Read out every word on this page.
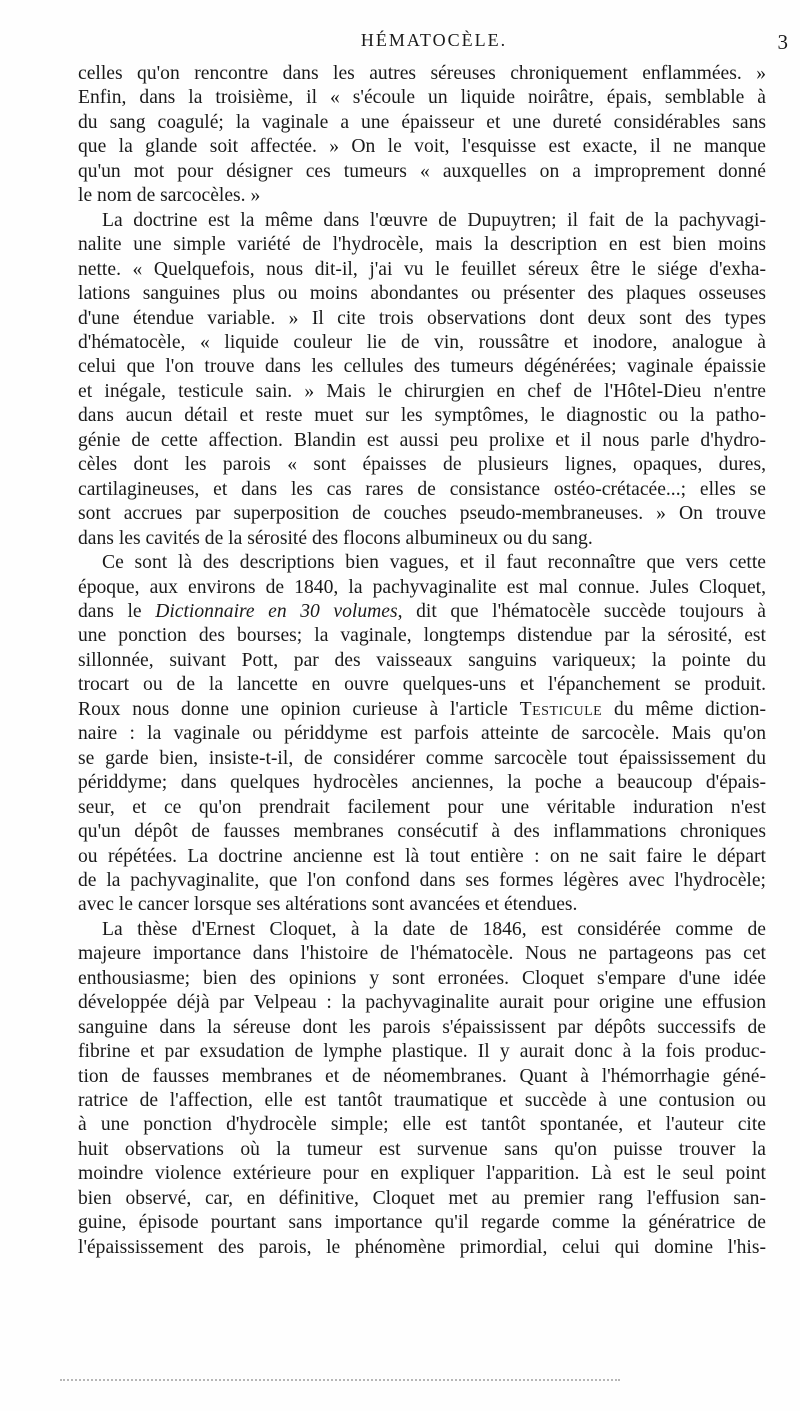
HÉMATOCÈLE.	3

celles qu'on rencontre dans les autres séreuses chroniquement enflammées. »
Enfin, dans la troisième, il « s'écoule un liquide noirâtre, épais, semblable à
du sang coagulé; la vaginale a une épaisseur et une dureté considérables sans
que la glande soit affectée. » On le voit, l'esquisse est exacte, il ne manque
qu'un mot pour désigner ces tumeurs « auxquelles on a improprement donné
le nom de sarcocèles. »

La doctrine est la même dans l'œuvre de Dupuytren; il fait de la pachyvagi-
nalite une simple variété de l'hydrocèle, mais la description en est bien moins
nette. « Quelquefois, nous dit-il, j'ai vu le feuillet séreux être le siége d'exha-
lations sanguines plus ou moins abondantes ou présenter des plaques osseuses
d'une étendue variable. » Il cite trois observations dont deux sont des types
d'hématocèle, « liquide couleur lie de vin, roussâtre et inodore, analogue à
celui que l'on trouve dans les cellules des tumeurs dégénérées; vaginale épaissie
et inégale, testicule sain. » Mais le chirurgien en chef de l'Hôtel-Dieu n'entre
dans aucun détail et reste muet sur les symptômes, le diagnostic ou la patho-
génie de cette affection. Blandin est aussi peu prolixe et il nous parle d'hydro-
cèles dont les parois « sont épaisses de plusieurs lignes, opaques, dures,
cartilagineuses, et dans les cas rares de consistance ostéo-crétacée...; elles se
sont accrues par superposition de couches pseudo-membraneuses. » On trouve
dans les cavités de la sérosité des flocons albumineux ou du sang.

Ce sont là des descriptions bien vagues, et il faut reconnaître que vers cette
époque, aux environs de 1840, la pachyvaginalite est mal connue. Jules Cloquet,
dans le Dictionnaire en 30 volumes, dit que l'hématocèle succède toujours à
une ponction des bourses; la vaginale, longtemps distendue par la sérosité, est
sillonnée, suivant Pott, par des vaisseaux sanguins variqueux; la pointe du
trocart ou de la lancette en ouvre quelques-uns et l'épanchement se produit.
Roux nous donne une opinion curieuse à l'article Testicule du même diction-
naire : la vaginale ou périddyme est parfois atteinte de sarcocèle. Mais qu'on
se garde bien, insiste-t-il, de considérer comme sarcocèle tout épaississement du
périddyme; dans quelques hydrocèles anciennes, la poche a beaucoup d'épais-
seur, et ce qu'on prendrait facilement pour une véritable induration n'est
qu'un dépôt de fausses membranes consécutif à des inflammations chroniques
ou répétées. La doctrine ancienne est là tout entière : on ne sait faire le départ
de la pachyvaginalite, que l'on confond dans ses formes légères avec l'hydrocèle;
avec le cancer lorsque ses altérations sont avancées et étendues.

La thèse d'Ernest Cloquet, à la date de 1846, est considérée comme de
majeure importance dans l'histoire de l'hématocèle. Nous ne partageons pas cet
enthousiasme; bien des opinions y sont erronées. Cloquet s'empare d'une idée
développée déjà par Velpeau : la pachyvaginalite aurait pour origine une effusion
sanguine dans la séreuse dont les parois s'épaississent par dépôts successifs de
fibrine et par exsudation de lymphe plastique. Il y aurait donc à la fois produc-
tion de fausses membranes et de néomembranes. Quant à l'hémorrhagie géné-
ratrice de l'affection, elle est tantôt traumatique et succède à une contusion ou
à une ponction d'hydrocèle simple; elle est tantôt spontanée, et l'auteur cite
huit observations où la tumeur est survenue sans qu'on puisse trouver la
moindre violence extérieure pour en expliquer l'apparition. Là est le seul point
bien observé, car, en définitive, Cloquet met au premier rang l'effusion san-
guine, épisode pourtant sans importance qu'il regarde comme la génératrice de
l'épaississement des parois, le phénomène primordial, celui qui domine l'his-
